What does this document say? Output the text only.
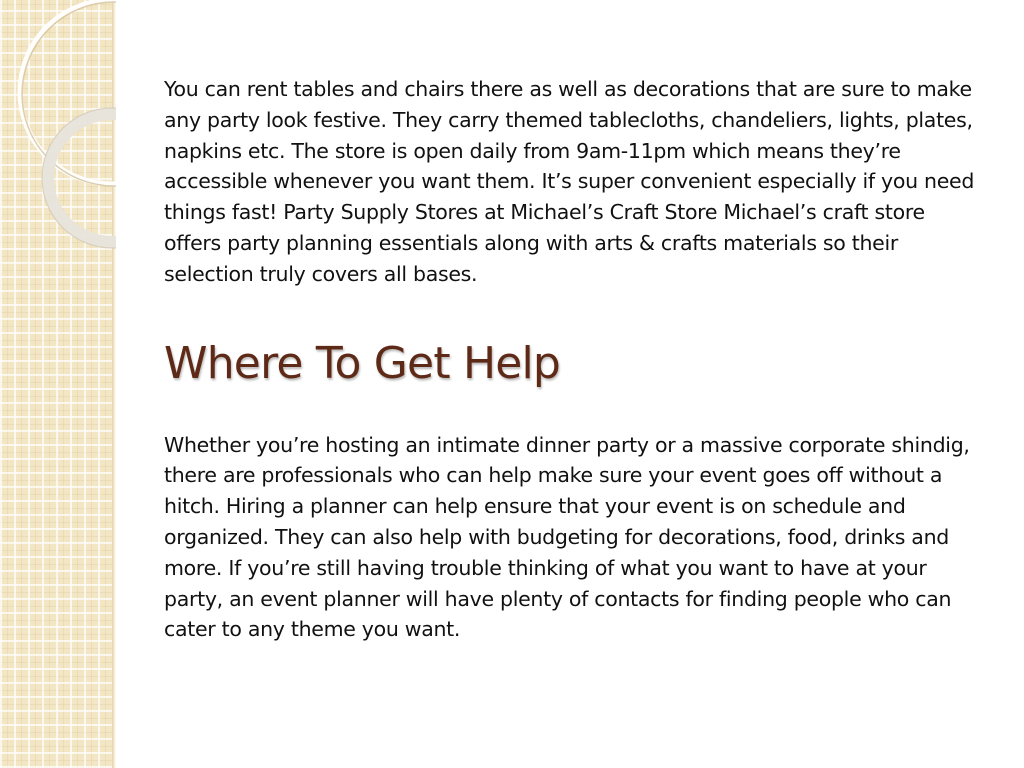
You can rent tables and chairs there as well as decorations that are sure to make any party look festive. They carry themed tablecloths, chandeliers, lights, plates, napkins etc. The store is open daily from 9am-11pm which means they’re accessible whenever you want them. It’s super convenient especially if you need things fast! Party Supply Stores at Michael’s Craft Store Michael’s craft store offers party planning essentials along with arts & crafts materials so their selection truly covers all bases.

Where To Get Help

Whether you’re hosting an intimate dinner party or a massive corporate shindig, there are professionals who can help make sure your event goes off without a hitch. Hiring a planner can help ensure that your event is on schedule and organized. They can also help with budgeting for decorations, food, drinks and more. If you’re still having trouble thinking of what you want to have at your party, an event planner will have plenty of contacts for finding people who can cater to any theme you want.
